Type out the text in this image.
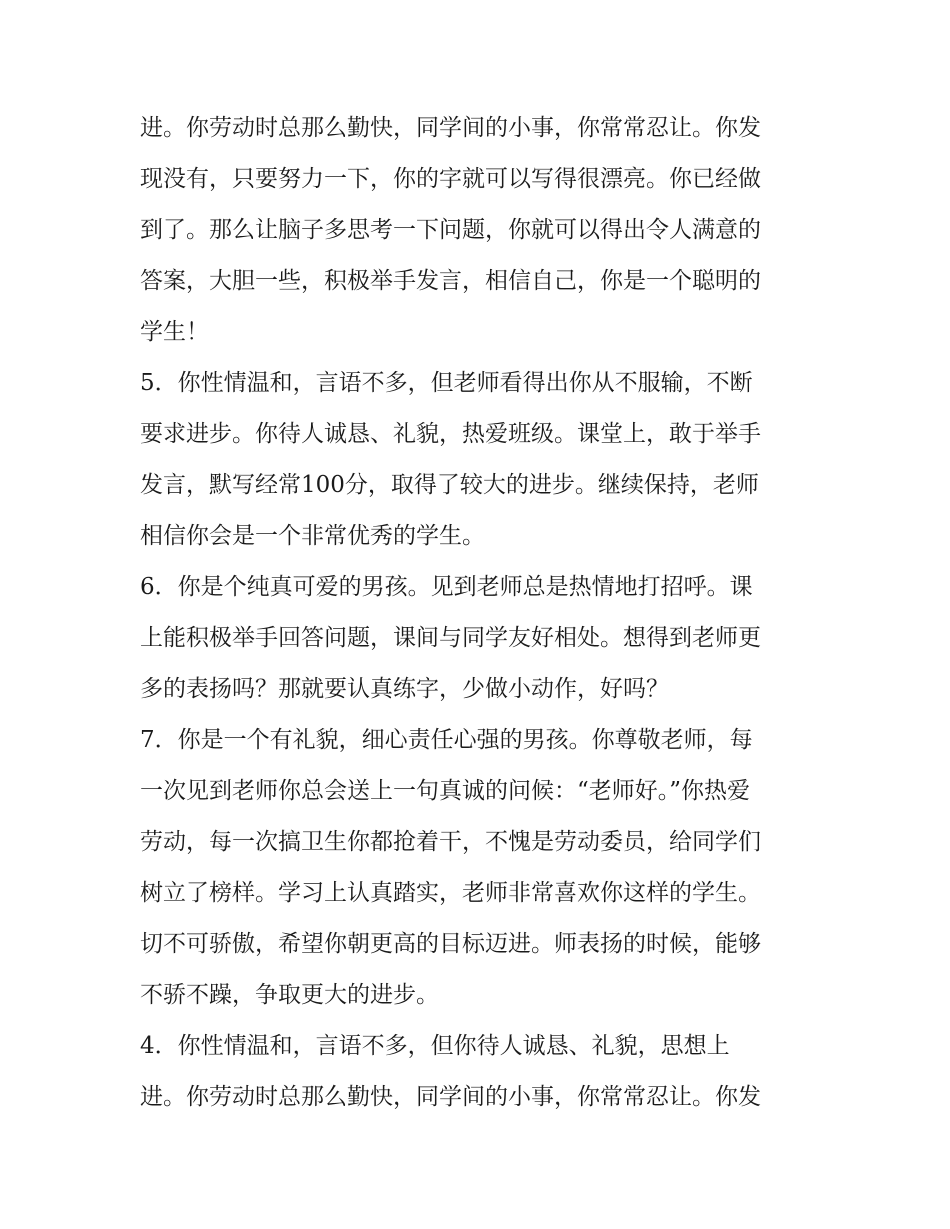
进。你劳动时总那么勤快，同学间的小事，你常常忍让。你发
现没有，只要努力一下，你的字就可以写得很漂亮。你已经做
到了。那么让脑子多思考一下问题，你就可以得出令人满意的
答案，大胆一些，积极举手发言，相信自己，你是一个聪明的
学生！
5．你性情温和，言语不多，但老师看得出你从不服输，不断
要求进步。你待人诚恳、礼貌，热爱班级。课堂上，敢于举手
发言，默写经常100分，取得了较大的进步。继续保持，老师
相信你会是一个非常优秀的学生。
6．你是个纯真可爱的男孩。见到老师总是热情地打招呼。课
上能积极举手回答问题，课间与同学友好相处。想得到老师更
多的表扬吗？那就要认真练字，少做小动作，好吗？
7．你是一个有礼貌，细心责任心强的男孩。你尊敬老师，每
一次见到老师你总会送上一句真诚的问候：“老师好。”你热爱
劳动，每一次搞卫生你都抢着干，不愧是劳动委员，给同学们
树立了榜样。学习上认真踏实，老师非常喜欢你这样的学生。
切不可骄傲，希望你朝更高的目标迈进。师表扬的时候，能够
不骄不躁，争取更大的进步。
4．你性情温和，言语不多，但你待人诚恳、礼貌，思想上
进。你劳动时总那么勤快，同学间的小事，你常常忍让。你发
